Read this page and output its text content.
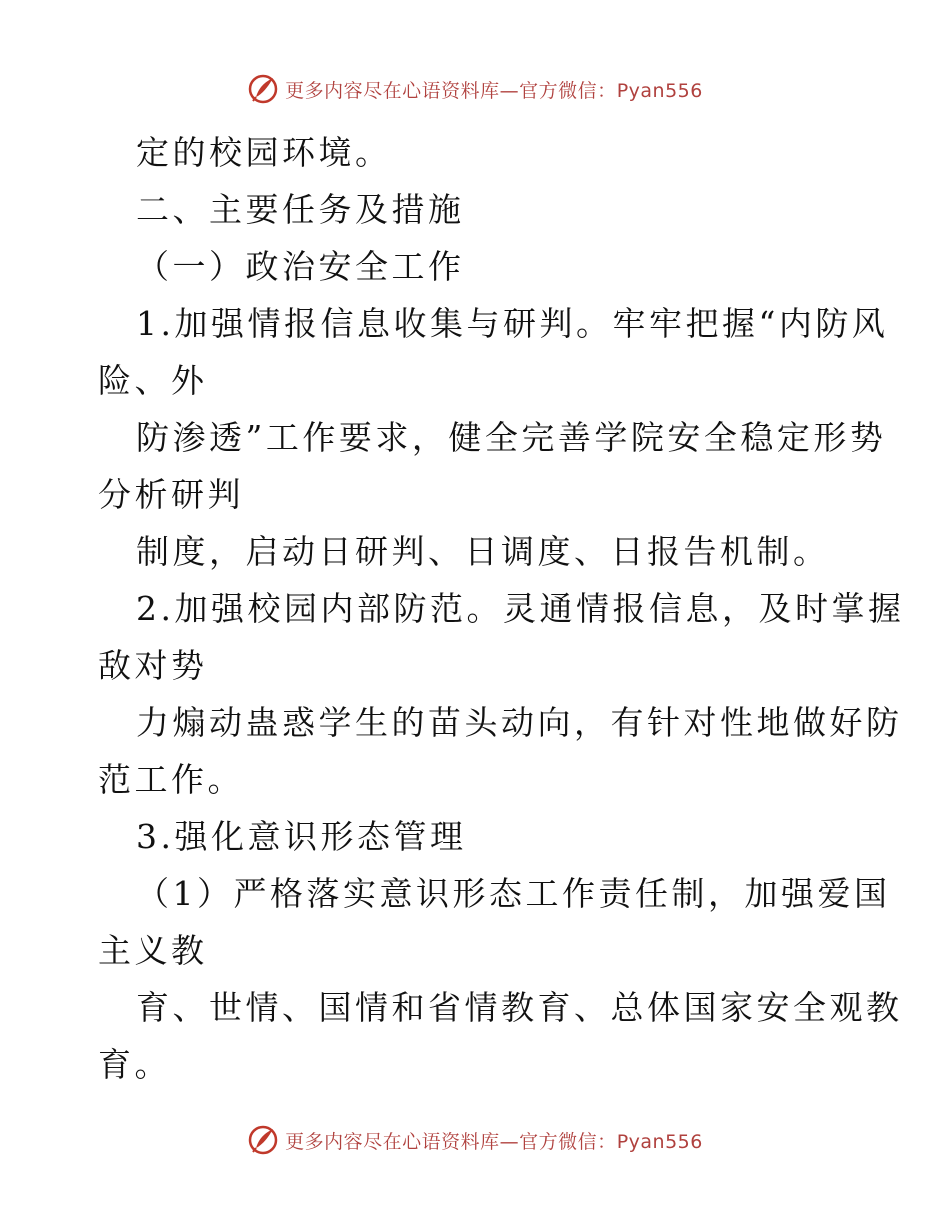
更多内容尽在心语资料库—官方微信：Pyan556
定的校园环境。
二、主要任务及措施
（一）政治安全工作
1.加强情报信息收集与研判。牢牢把握“内防风
险、外
防渗透”工作要求，健全完善学院安全稳定形势
分析研判
制度，启动日研判、日调度、日报告机制。
2.加强校园内部防范。灵通情报信息，及时掌握
敌对势
力煽动蛊惑学生的苗头动向，有针对性地做好防
范工作。
3.强化意识形态管理
（1）严格落实意识形态工作责任制，加强爱国
主义教
育、世情、国情和省情教育、总体国家安全观教
育。
更多内容尽在心语资料库—官方微信：Pyan556
